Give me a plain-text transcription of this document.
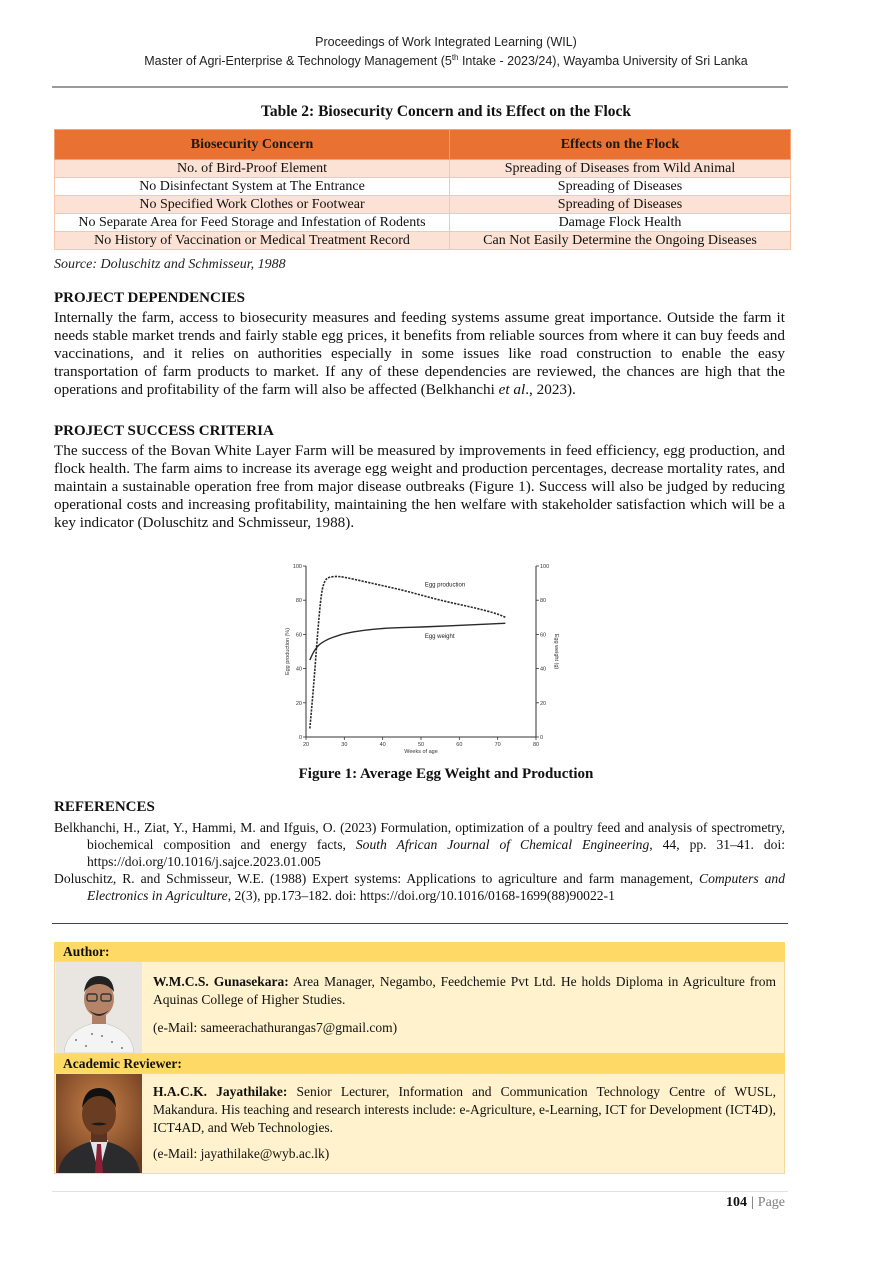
Proceedings of Work Integrated Learning (WIL)
Master of Agri-Enterprise & Technology Management (5th Intake - 2023/24), Wayamba University of Sri Lanka
Table 2: Biosecurity Concern and its Effect on the Flock
Biosecurity Concern	Effects on the Flock
No. of Bird-Proof Element	Spreading of Diseases from Wild Animal
No Disinfectant System at The Entrance	Spreading of Diseases
No Specified Work Clothes or Footwear	Spreading of Diseases
No Separate Area for Feed Storage and Infestation of Rodents	Damage Flock Health
No History of Vaccination or Medical Treatment Record	Can Not Easily Determine the Ongoing Diseases
Source: Doluschitz and Schmisseur, 1988
PROJECT DEPENDENCIES
Internally the farm, access to biosecurity measures and feeding systems assume great importance. Outside the farm it needs stable market trends and fairly stable egg prices, it benefits from reliable sources from where it can buy feeds and vaccinations, and it relies on authorities especially in some issues like road construction to enable the easy transportation of farm products to market. If any of these dependencies are reviewed, the chances are high that the operations and profitability of the farm will also be affected (Belkhanchi et al., 2023).
PROJECT SUCCESS CRITERIA
The success of the Bovan White Layer Farm will be measured by improvements in feed efficiency, egg production, and flock health. The farm aims to increase its average egg weight and production percentages, decrease mortality rates, and maintain a sustainable operation free from major disease outbreaks (Figure 1). Success will also be judged by reducing operational costs and increasing profitability, maintaining the hen welfare with stakeholder satisfaction which will be a key indicator (Doluschitz and Schmisseur, 1988).
20	30	40	50	60	70	80
0
20
40
60
80
100
0
20
40
60
80
100
Weeks of age
Egg production (%)	Egg weight (g)
Egg production
Egg weight
Figure 1: Average Egg Weight and Production
REFERENCES
Belkhanchi, H., Ziat, Y., Hammi, M. and Ifguis, O. (2023) Formulation, optimization of a poultry feed and analysis of spectrometry, biochemical composition and energy facts, South African Journal of Chemical Engineering, 44, pp. 31–41. doi: https://doi.org/10.1016/j.sajce.2023.01.005
Doluschitz, R. and Schmisseur, W.E. (1988) Expert systems: Applications to agriculture and farm management, Computers and Electronics in Agriculture, 2(3), pp.173–182. doi: https://doi.org/10.1016/0168-1699(88)90022-1
Author:
W.M.C.S. Gunasekara: Area Manager, Negambo, Feedchemie Pvt Ltd. He holds Diploma in Agriculture from Aquinas College of Higher Studies.
(e-Mail: sameerachathurangas7@gmail.com)
Academic Reviewer:
H.A.C.K. Jayathilake: Senior Lecturer, Information and Communication Technology Centre of WUSL, Makandura. His teaching and research interests include: e-Agriculture, e-Learning, ICT for Development (ICT4D), ICT4AD, and Web Technologies.
(e-Mail: jayathilake@wyb.ac.lk)
104 | Page
